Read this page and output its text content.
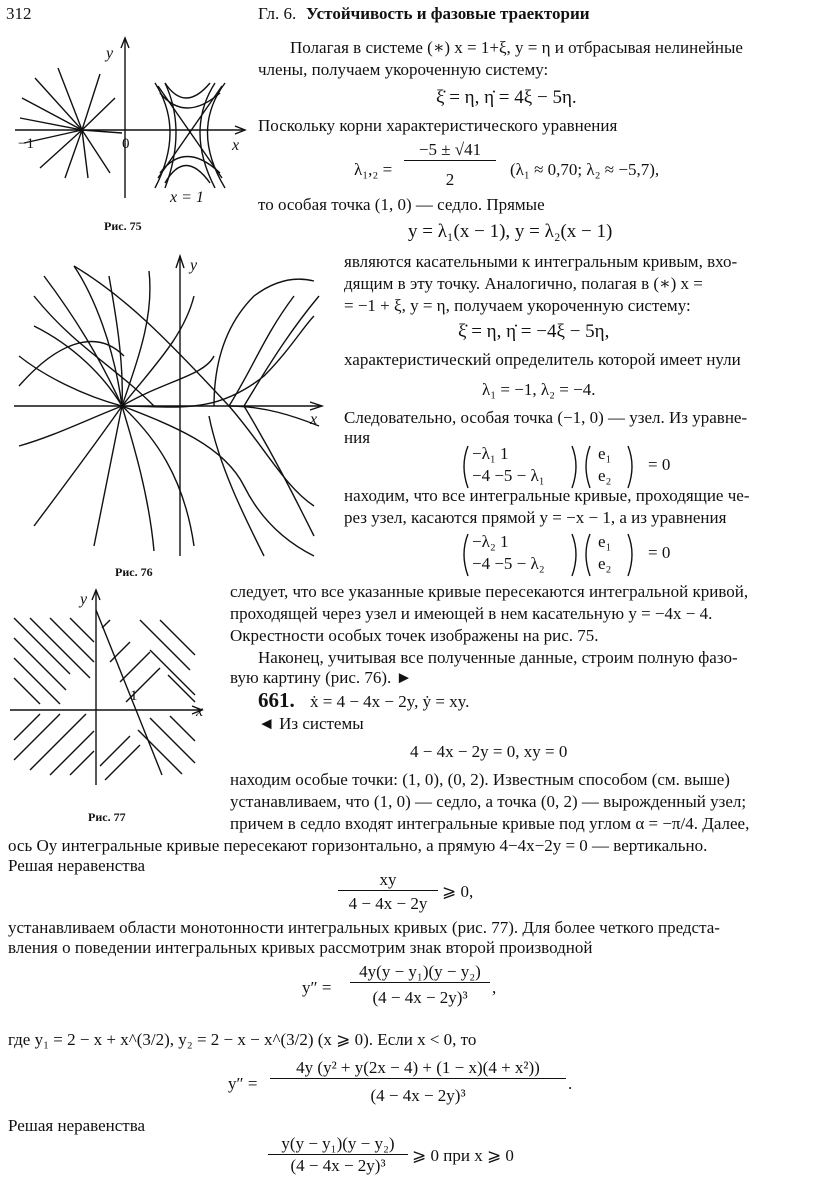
312	Гл. 6. Устойчивость и фазовые траектории
y
x
−1	0
x = 1
Рис. 75
y
x
Рис. 76
y
x
1
Рис. 77
Полагая в системе (∗) x = 1+ξ, y = η и отбрасывая нелинейные
члены, получаем укороченную систему:
ξ̇ = η, η̇ = 4ξ − 5η.
Поскольку корни характеристического уравнения
λ₁,₂ =
−5 ± √41
2
(λ₁ ≈ 0,70; λ₂ ≈ −5,7),
то особая точка (1, 0) — седло. Прямые
y = λ₁(x − 1), y = λ₂(x − 1)
являются касательными к интегральным кривым, вхо-
дящим в эту точку. Аналогично, полагая в (∗) x =
= −1 + ξ, y = η, получаем укороченную систему:
ξ̇ = η, η̇ = −4ξ − 5η,
характеристический определитель которой имеет нули
λ₁ = −1, λ₂ = −4.
Следовательно, особая точка (−1, 0) — узел. Из уравне-
ния
−λ₁ 1
−4 −5 − λ₁
e₁
e₂
= 0
находим, что все интегральные кривые, проходящие че-
рез узел, касаются прямой y = −x − 1, а из уравнения
−λ₂ 1
−4 −5 − λ₂
e₁
e₂
= 0
следует, что все указанные кривые пересекаются интегральной кривой,
проходящей через узел и имеющей в нем касательную y = −4x − 4.
Окрестности особых точек изображены на рис. 75.
Наконец, учитывая все полученные данные, строим полную фазо-
вую картину (рис. 76). ►
661. ẋ = 4 − 4x − 2y, ẏ = xy.
◄ Из системы
4 − 4x − 2y = 0, xy = 0
находим особые точки: (1, 0), (0, 2). Известным способом (см. выше)
устанавливаем, что (1, 0) — седло, а точка (0, 2) — вырожденный узел;
причем в седло входят интегральные кривые под углом α = −π/4. Далее,
ось Oy интегральные кривые пересекают горизонтально, а прямую 4−4x−2y = 0 — вертикально.
Решая неравенства
xy
4 − 4x − 2y
⩾ 0,
устанавливаем области монотонности интегральных кривых (рис. 77). Для более четкого предста-
вления о поведении интегральных кривых рассмотрим знак второй производной
y″ =
4y(y − y₁)(y − y₂)
(4 − 4x − 2y)³
,
где y₁ = 2 − x + x^(3/2), y₂ = 2 − x − x^(3/2) (x ⩾ 0). Если x < 0, то
y″ =
4y (y² + y(2x − 4) + (1 − x)(4 + x²))
(4 − 4x − 2y)³
.
Решая неравенства
y(y − y₁)(y − y₂)
(4 − 4x − 2y)³
⩾ 0 при x ⩾ 0
